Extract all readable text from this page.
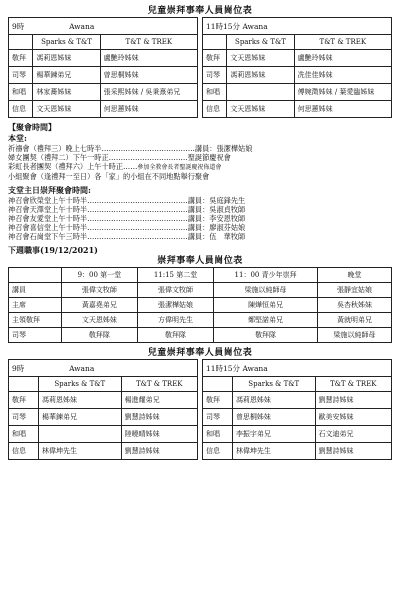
兒童崇拜事奉人員崗位表

9時 Awana				11時15分 Awana		
	Sparks & T&T	T&T & TREK			Sparks & T&T	T&T & TREK
敬拜	馮莉恩姊妹	盧艷玲姊妹		敬拜	文天恩姊妹	盧艷玲姊妹
司琴	楊華鍊弟兄	曾思桐姊妹		司琴	馮莉恩姊妹	冼佳佳姊妹
和唱	林家蕎姊妹	張采熙姊妹 / 吳秉熹弟兄		和唱		傅婉澂姊妹 / 葉愛臨姊妹
信息	文天恩姊妹	何思蕙姊妹		信息	文天恩姊妹	何思蕙姊妹

【聚會時間】

本堂:

祈禱會（禮拜三）晚上七時半…………………………………講員：張潔樺姑娘

婦女團契（禮拜二）下午一時正……………………………聖誕節慶祝會

彩虹長者團契（禮拜六）上午十時正……參加全教會長者聖誕慶祝佈道會

小組聚會（逢禮拜一至日）各「家」的小組在不同地點舉行聚會

支堂主日崇拜聚會時間:

神召會欣榮堂上午十時半……………………………………講員：吳庭鋒先生

神召會天澤堂上午十時半……………………………………講員：吳淑貞牧師

神召會友愛堂上午十時半……………………………………講員：李安恩牧師

神召會喜信堂上午十時半……………………………………講員：廖淑芬姑娘

神召會石崗堂下午三時半……………………………………講員：伍　華牧師

下週職事(19/12/2021)

崇拜事奉人員崗位表

	9：00 第一堂	11:15 第二堂	11：00 青少年崇拜	晚堂
講員	張偉文牧師	張偉文牧師	梁施以純師母	張靜宜姑娘
主席	黃嘉堯弟兄	張潔樺姑娘	陳燁恒弟兄	吳杏秋姊妹
主領敬拜	文天恩姊妹	方偉明先生	鄭堅諾弟兄	黃就明弟兄
司琴	敬拜隊	敬拜隊	敬拜隊	梁施以純師母

兒童崇拜事奉人員崗位表

9時 Awana				11時15分 Awana		
	Sparks & T&T	T&T & TREK			Sparks & T&T	T&T & TREK
敬拜	馮莉恩姊妹	楊進耀弟兄		敬拜	馮莉恩姊妹	劉慧詩姊妹
司琴	楊華鍊弟兄	劉慧詩姊妹		司琴	曾思桐姊妹	歐美安姊妹
和唱		陸曉晴姊妹		和唱	李振宇弟兄	石文迪弟兄
信息	林偉坤先生	劉慧詩姊妹		信息	林偉坤先生	劉慧詩姊妹
